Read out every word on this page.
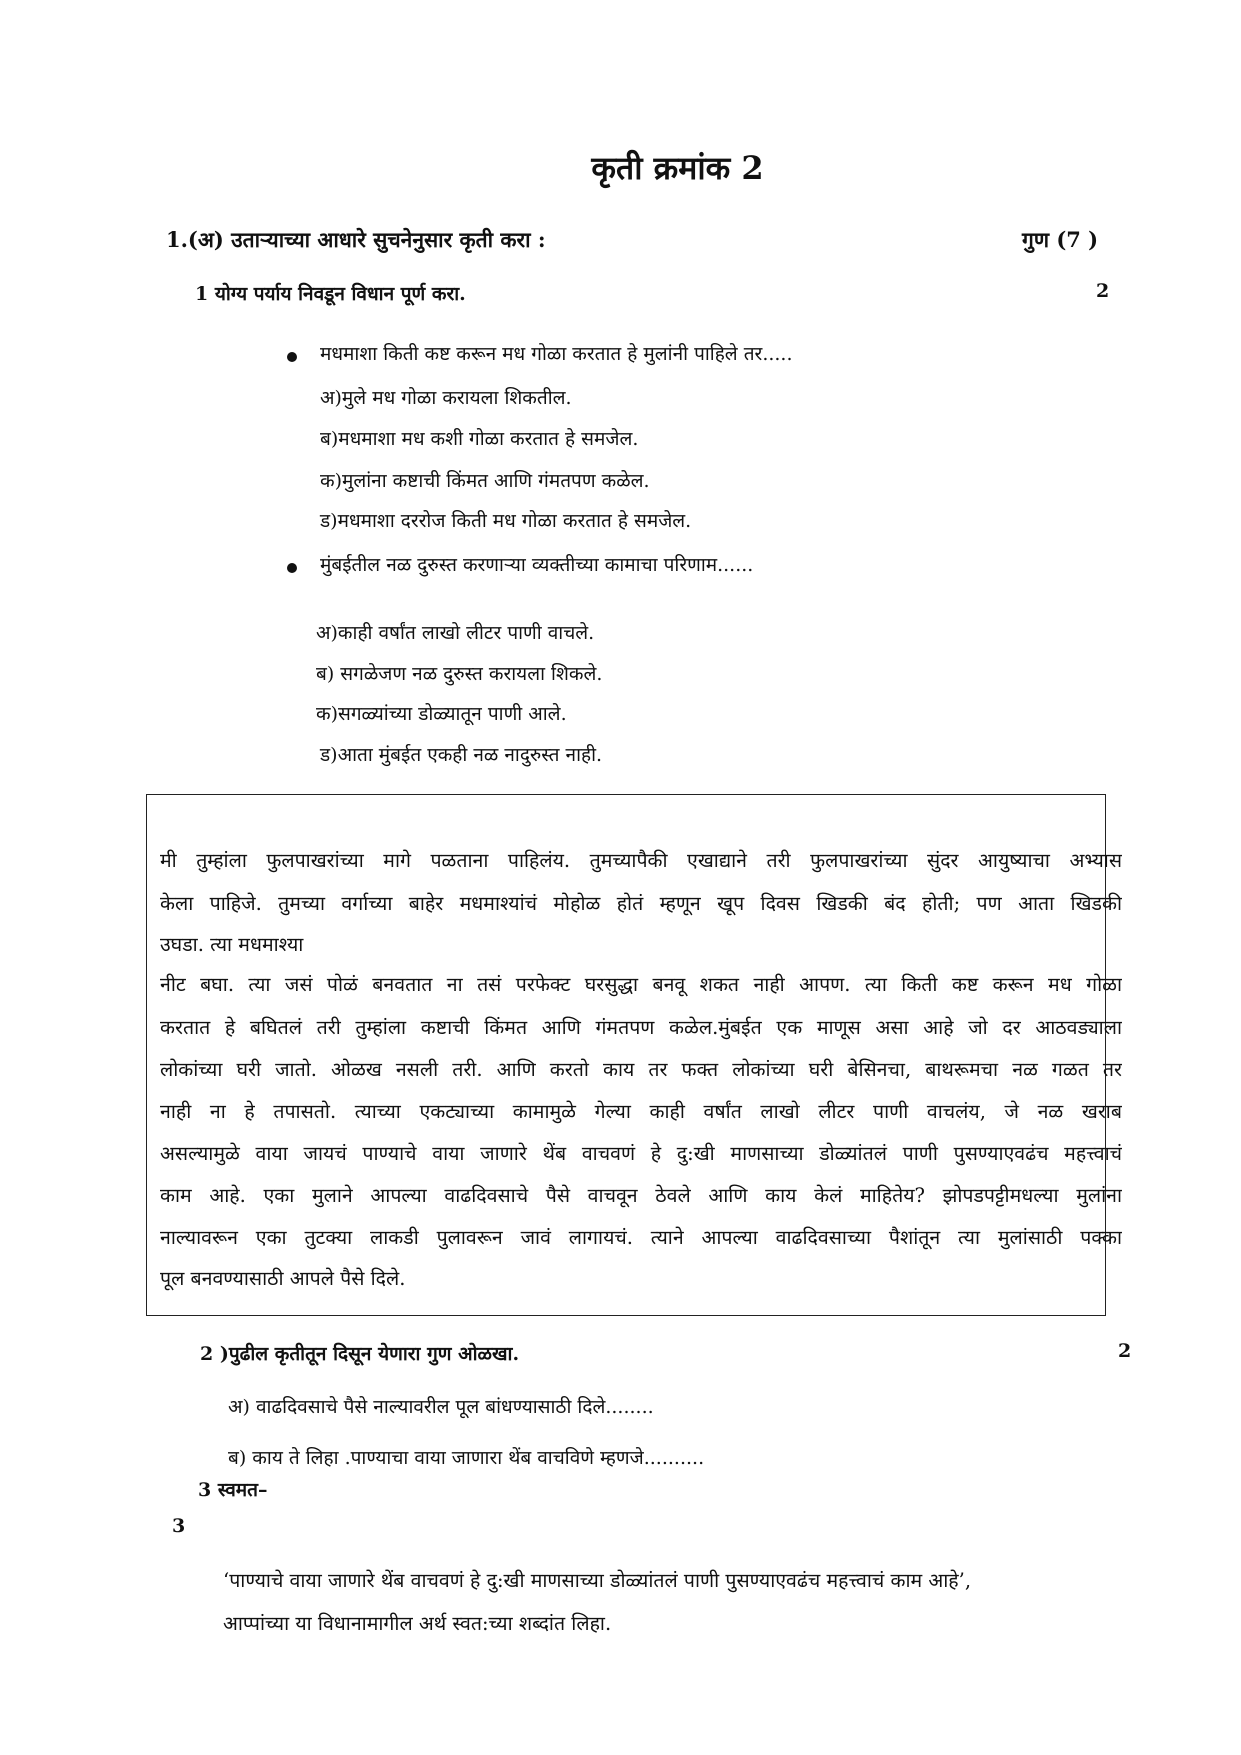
कृती क्रमांक 2
1.(अ) उताऱ्याच्या आधारे सुचनेनुसार कृती करा :	गुण (7 )
1 योग्य पर्याय निवडून विधान पूर्ण करा.	2
मधमाशा किती कष्ट करून मध गोळा करतात हे मुलांनी पाहिले तर.....
अ)मुले मध गोळा करायला शिकतील.
ब)मधमाशा मध कशी गोळा करतात हे समजेल.
क)मुलांना कष्टाची किंमत आणि गंमतपण कळेल.
ड)मधमाशा दररोज किती मध गोळा करतात हे समजेल.
मुंबईतील नळ दुरुस्त करणाऱ्या व्यक्तीच्या कामाचा परिणाम......
अ)काही वर्षांत लाखो लीटर पाणी वाचले.
ब) सगळेजण नळ दुरुस्त करायला शिकले.
क)सगळ्यांच्या डोळ्यातून पाणी आले.
ड)आता मुंबईत एकही नळ नादुरुस्त नाही.
मी तुम्हांला फुलपाखरांच्या मागे पळताना पाहिलंय. तुमच्यापैकी एखाद्याने तरी फुलपाखरांच्या सुंदर आयुष्याचा अभ्यास
केला पाहिजे. तुमच्या वर्गाच्या बाहेर मधमाश्यांचं मोहोळ होतं म्हणून खूप दिवस खिडकी बंद होती; पण आता खिडकी
उघडा. त्या मधमाश्या
नीट बघा. त्या जसं पोळं बनवतात ना तसं परफेक्ट घरसुद्धा बनवू शकत नाही आपण. त्या किती कष्ट करून मध गोळा
करतात हे बघितलं तरी तुम्हांला कष्टाची किंमत आणि गंमतपण कळेल.मुंबईत एक माणूस असा आहे जो दर आठवड्याला
लोकांच्या घरी जातो. ओळख नसली तरी. आणि करतो काय तर फक्त लोकांच्या घरी बेसिनचा, बाथरूमचा नळ गळत तर
नाही ना हे तपासतो. त्याच्या एकट्याच्या कामामुळे गेल्या काही वर्षांत लाखो लीटर पाणी वाचलंय, जे नळ खराब
असल्यामुळे वाया जायचं पाण्याचे वाया जाणारे थेंब वाचवणं हे दु:खी माणसाच्या डोळ्यांतलं पाणी पुसण्याएवढंच महत्त्वाचं
काम आहे. एका मुलाने आपल्या वाढदिवसाचे पैसे वाचवून ठेवले आणि काय केलं माहितेय? झोपडपट्टीमधल्या मुलांना
नाल्यावरून एका तुटक्या लाकडी पुलावरून जावं लागायचं. त्याने आपल्या वाढदिवसाच्या पैशांतून त्या मुलांसाठी पक्का
पूल बनवण्यासाठी आपले पैसे दिले.
2 )पुढील कृतीतून दिसून येणारा गुण ओळखा.	2
अ) वाढदिवसाचे पैसे नाल्यावरील पूल बांधण्यासाठी दिले........
ब) काय ते लिहा .पाण्याचा वाया जाणारा थेंब वाचविणे म्हणजे..........
3 स्वमत–
3
‘पाण्याचे वाया जाणारे थेंब वाचवणं हे दु:खी माणसाच्या डोळ्यांतलं पाणी पुसण्याएवढंच महत्त्वाचं काम आहे’,
आप्पांच्या या विधानामागील अर्थ स्वत:च्या शब्दांत लिहा.
